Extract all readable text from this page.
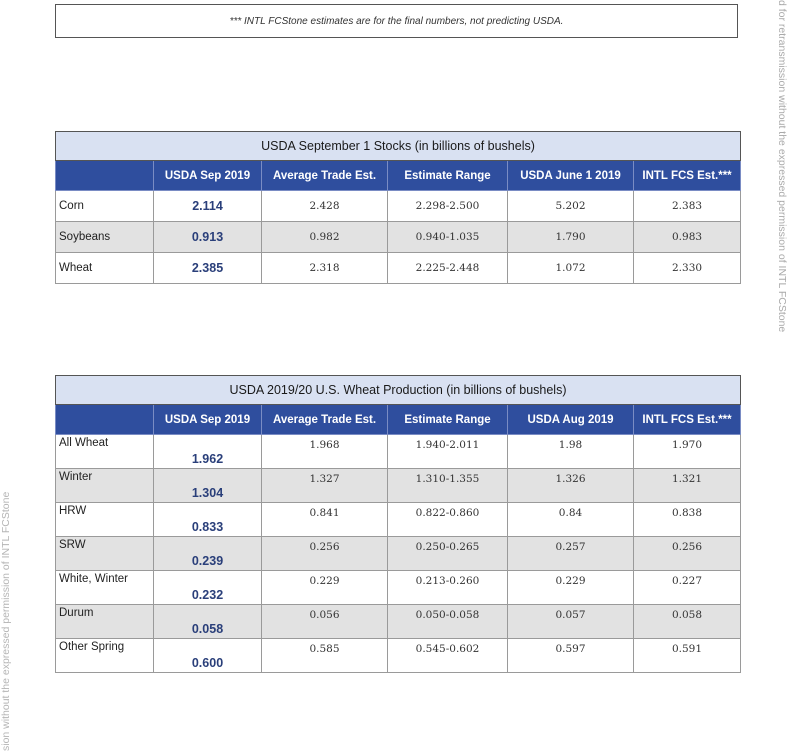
*** INTL FCStone estimates are for the final numbers, not predicting USDA.	d for retransmission without the expressed permission of INTL FCStone
sion without the expressed permission of INTL FCStone
USDA September 1 Stocks (in billions of bushels)					
	USDA Sep 2019	Average Trade Est.	Estimate Range	USDA June 1 2019	INTL FCS Est.***
Corn	2.114	2.428	2.298-2.500	5.202	2.383
Soybeans	0.913	0.982	0.940-1.035	1.790	0.983
Wheat	2.385	2.318	2.225-2.448	1.072	2.330
USDA 2019/20 U.S. Wheat Production (in billions of bushels)					
	USDA Sep 2019	Average Trade Est.	Estimate Range	USDA Aug 2019	INTL FCS Est.***
All Wheat	1.962	1.968	1.940-2.011	1.98	1.970
Winter	1.304	1.327	1.310-1.355	1.326	1.321
HRW	0.833	0.841	0.822-0.860	0.84	0.838
SRW	0.239	0.256	0.250-0.265	0.257	0.256
White, Winter	0.232	0.229	0.213-0.260	0.229	0.227
Durum	0.058	0.056	0.050-0.058	0.057	0.058
Other Spring	0.600	0.585	0.545-0.602	0.597	0.591
